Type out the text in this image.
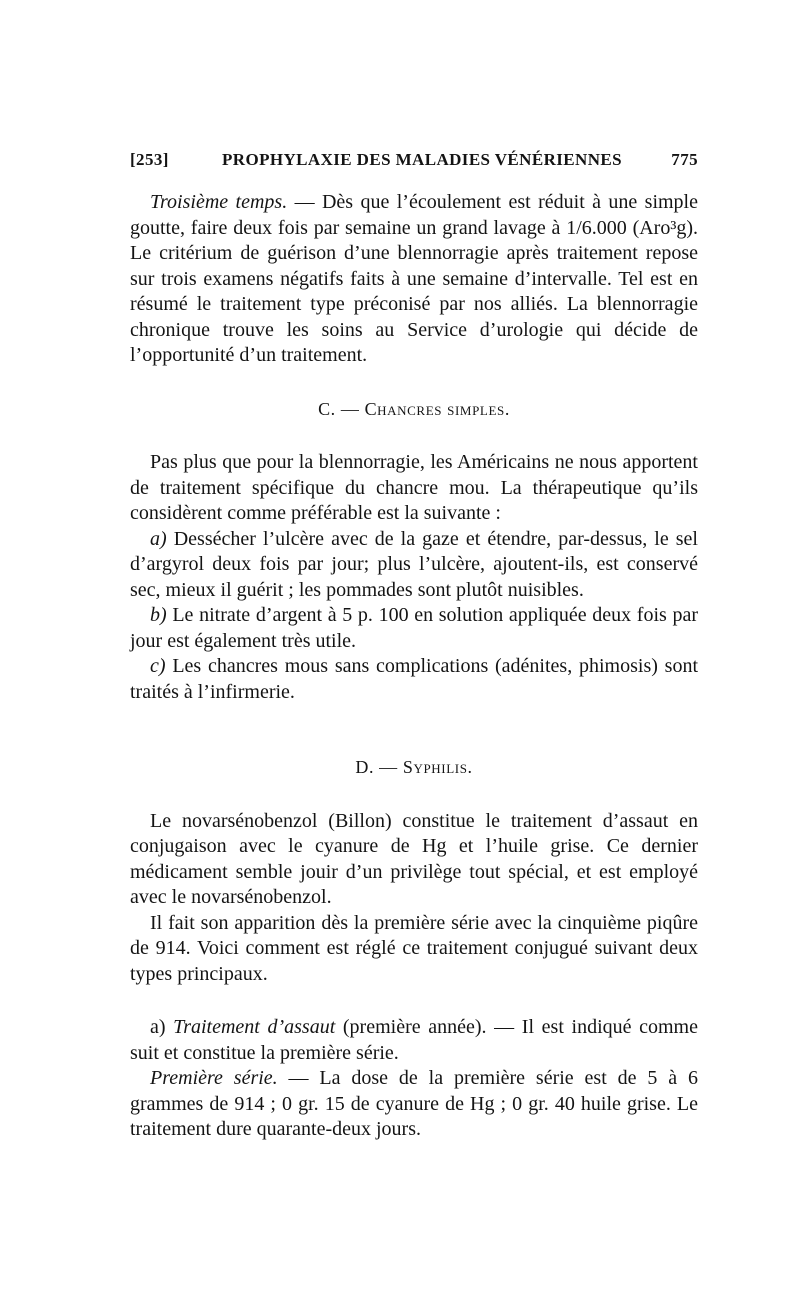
[253]	PROPHYLAXIE DES MALADIES VÉNÉRIENNES	775

Troisième temps. — Dès que l’écoulement est réduit à une simple goutte, faire deux fois par semaine un grand lavage à 1/6.000 (Aro³g). Le critérium de guérison d’une blennorragie après traitement repose sur trois examens négatifs faits à une semaine d’intervalle. Tel est en résumé le traitement type préconisé par nos alliés. La blennorragie chronique trouve les soins au Service d’urologie qui décide de l’opportunité d’un traitement.

C. — Chancres simples.

Pas plus que pour la blennorragie, les Américains ne nous apportent de traitement spécifique du chancre mou. La thérapeutique qu’ils considèrent comme préférable est la suivante :

a) Dessécher l’ulcère avec de la gaze et étendre, par-dessus, le sel d’argyrol deux fois par jour; plus l’ulcère, ajoutent-ils, est conservé sec, mieux il guérit ; les pommades sont plutôt nuisibles.

b) Le nitrate d’argent à 5 p. 100 en solution appliquée deux fois par jour est également très utile.

c) Les chancres mous sans complications (adénites, phimosis) sont traités à l’infirmerie.

D. — Syphilis.

Le novarsénobenzol (Billon) constitue le traitement d’assaut en conjugaison avec le cyanure de Hg et l’huile grise. Ce dernier médicament semble jouir d’un privilège tout spécial, et est employé avec le novarsénobenzol.

Il fait son apparition dès la première série avec la cinquième piqûre de 914. Voici comment est réglé ce traitement conjugué suivant deux types principaux.

a) Traitement d’assaut (première année). — Il est indiqué comme suit et constitue la première série.

Première série. — La dose de la première série est de 5 à 6 grammes de 914 ; 0 gr. 15 de cyanure de Hg ; 0 gr. 40 huile grise. Le traitement dure quarante-deux jours.
